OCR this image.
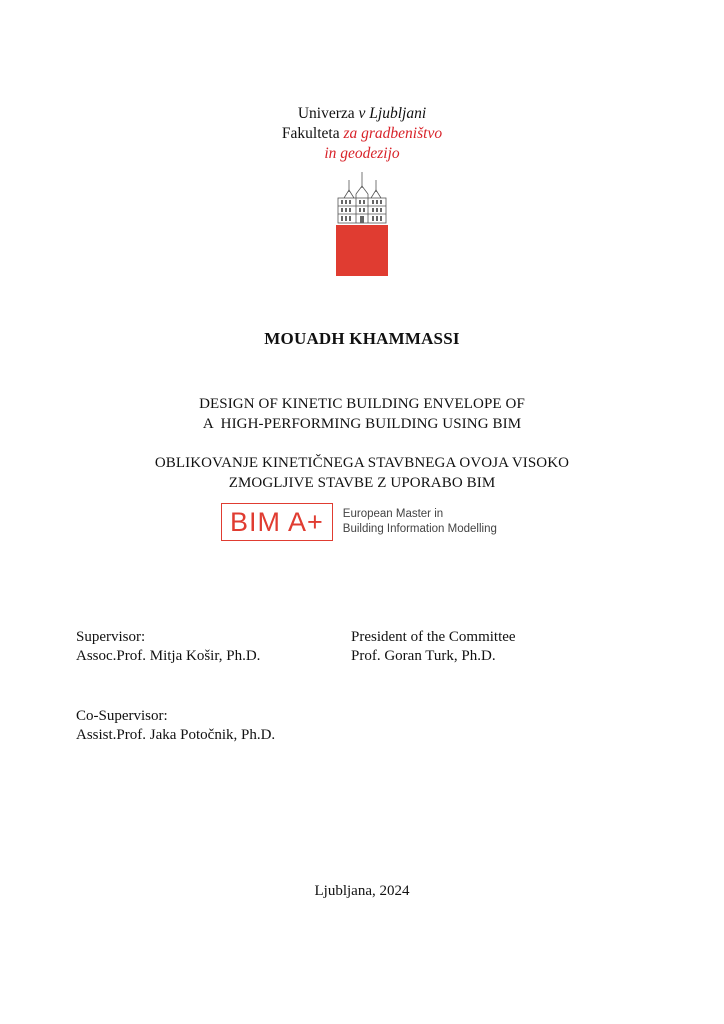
Univerza v Ljubljani
Fakulteta za gradbeništvo
in geodezijo
MOUADH KHAMMASSI
DESIGN OF KINETIC BUILDING ENVELOPE OF
A  HIGH-PERFORMING BUILDING USING BIM
OBLIKOVANJE KINETIČNEGA STAVBNEGA OVOJA VISOKO
ZMOGLJIVE STAVBE Z UPORABO BIM
BIM A+	European Master in
Building Information Modelling
Supervisor:
Assoc.Prof. Mitja Košir, Ph.D.
President of the Committee
Prof. Goran Turk, Ph.D.
Co-Supervisor:
Assist.Prof. Jaka Potočnik, Ph.D.
Ljubljana, 2024
